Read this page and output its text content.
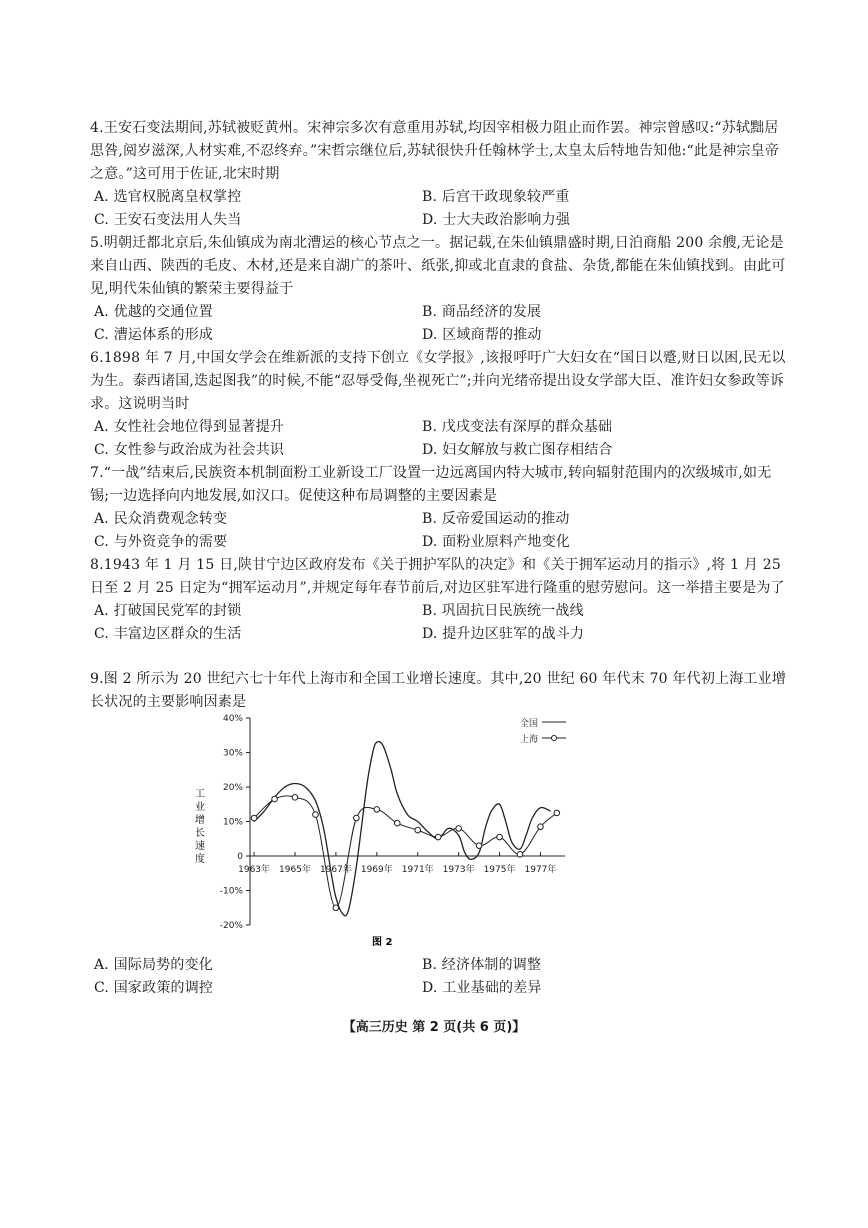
4.王安石变法期间,苏轼被贬黄州。宋神宗多次有意重用苏轼,均因宰相极力阻止而作罢。神宗曾感叹:“苏轼黜居思咎,阅岁滋深,人材实难,不忍终弃。”宋哲宗继位后,苏轼很快升任翰林学士,太皇太后特地告知他:“此是神宗皇帝之意。”这可用于佐证,北宋时期

A. 选官权脱离皇权掌控	B. 后宫干政现象较严重
C. 王安石变法用人失当	D. 士大夫政治影响力强

5.明朝迁都北京后,朱仙镇成为南北漕运的核心节点之一。据记载,在朱仙镇鼎盛时期,日泊商船 200 余艘,无论是来自山西、陕西的毛皮、木材,还是来自湖广的茶叶、纸张,抑或北直隶的食盐、杂货,都能在朱仙镇找到。由此可见,明代朱仙镇的繁荣主要得益于

A. 优越的交通位置	B. 商品经济的发展
C. 漕运体系的形成	D. 区域商帮的推动

6.1898 年 7 月,中国女学会在维新派的支持下创立《女学报》,该报呼吁广大妇女在“国日以蹙,财日以困,民无以为生。泰西诸国,迭起图我”的时候,不能“忍辱受侮,坐视死亡”;并向光绪帝提出设女学部大臣、准许妇女参政等诉求。这说明当时

A. 女性社会地位得到显著提升	B. 戊戌变法有深厚的群众基础
C. 女性参与政治成为社会共识	D. 妇女解放与救亡图存相结合

7.“一战”结束后,民族资本机制面粉工业新设工厂设置一边远离国内特大城市,转向辐射范围内的次级城市,如无锡;一边选择向内地发展,如汉口。促使这种布局调整的主要因素是

A. 民众消费观念转变	B. 反帝爱国运动的推动
C. 与外资竞争的需要	D. 面粉业原料产地变化

8.1943 年 1 月 15 日,陕甘宁边区政府发布《关于拥护军队的决定》和《关于拥军运动月的指示》,将 1 月 25 日至 2 月 25 日定为“拥军运动月”,并规定每年春节前后,对边区驻军进行隆重的慰劳慰问。这一举措主要是为了

A. 打破国民党军的封锁	B. 巩固抗日民族统一战线
C. 丰富边区群众的生活	D. 提升边区驻军的战斗力

9.图 2 所示为 20 世纪六七十年代上海市和全国工业增长速度。其中,20 世纪 60 年代末 70 年代初上海工业增长状况的主要影响因素是

40%
30%
20%
10%
0
-10%
-20%
1963年 1965年 1967年 1969年 1971年 1973年 1975年 1977年
全国
上海
工业增长速度
图 2
A. 国际局势的变化	B. 经济体制的调整
C. 国家政策的调控	D. 工业基础的差异
【高三历史 第 2 页(共 6 页)】
